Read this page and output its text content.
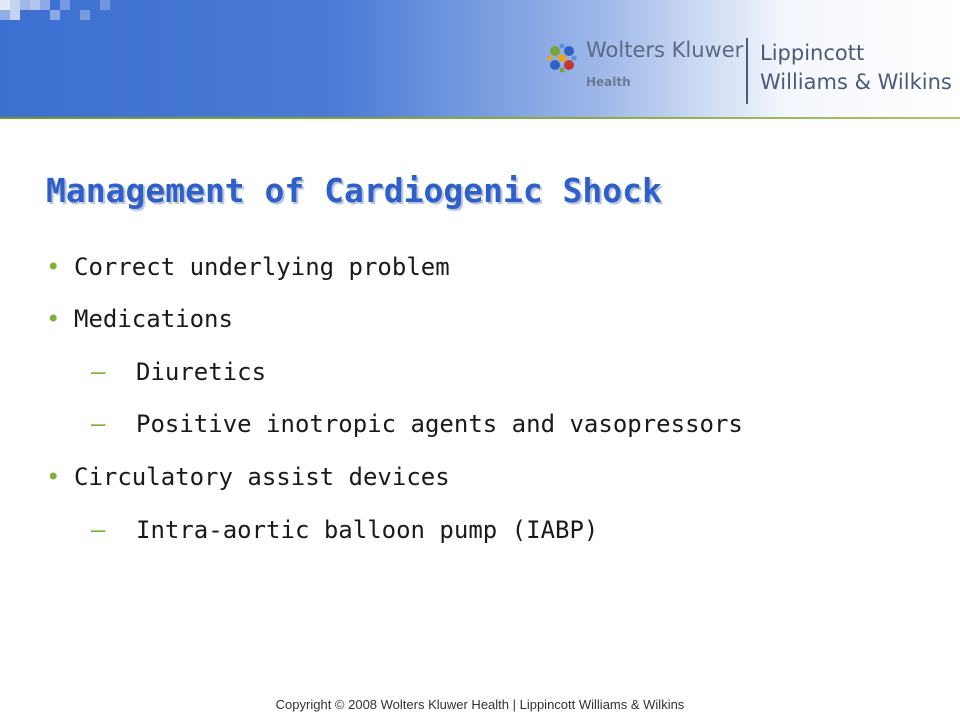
Wolters Kluwer
Health
Lippincott
Williams & Wilkins
Management of Cardiogenic Shock
• Correct underlying problem
• Medications
– Diuretics
– Positive inotropic agents and vasopressors
• Circulatory assist devices
– Intra-aortic balloon pump (IABP)
Copyright © 2008 Wolters Kluwer Health | Lippincott Williams & Wilkins
